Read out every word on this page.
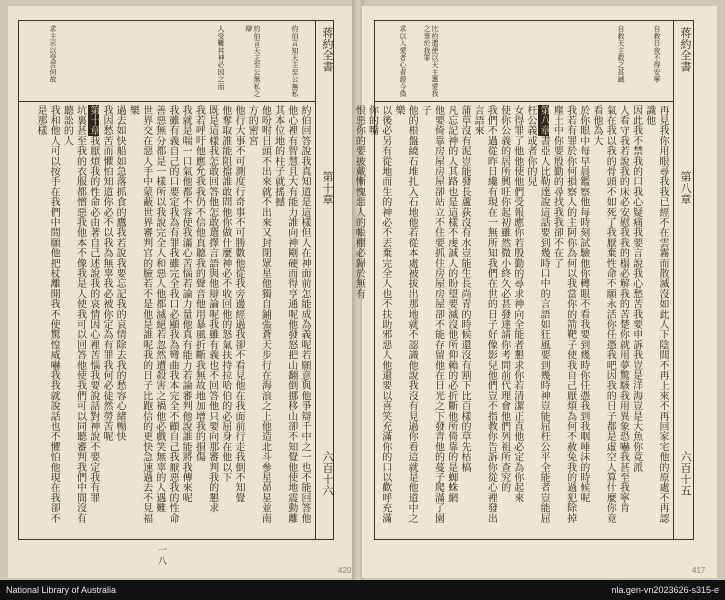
蒋約全書
第十章
六百十六
約伯言知天主至公無私
約伯言天主至公無私之辯
人受難其神必因之而
求主示以受苦何故
約伯回答說我真知道是這樣但人在神面前怎能成為義呢若願意與他爭辯千中之一也不能回答他
他心裡有智慧且大有能力誰向神剛硬而得亨通呢他發怒把山翻倒挪移山卻不知覺他使地震動離其本位地的柱子就搖撼
他吩咐日頭不出來就不出來又封閉眾星他獨自鋪張蒼天步行在海浪之上他造北斗參星昴星並南方的密宮
他行大事不可測度行奇事不可勝數他從我旁邊經過我卻不看見他在我面前行走我倒不知覺
他奪取誰能阻擋誰敢問他你做什麼神必不收回他的怒氣扶持拉哈伯的必屈身在他以下
既是這樣我怎敢回答他怎敢選擇言語與他辯論呢我雖有義也不回答他只要向那審判我的懇求
我若呼吁他應允我我仍不信他真聽我的聲音他用暴風折斷我無故地加增我的損傷
我就是喘一口氣他都不容使我滿心苦惱若論力量他真有能力若論審判他說誰能將我傳來呢
我雖有義自己的口要定我為有罪我雖完全我口必顯我為彎曲我本完全不顧自己我厭惡我的性命
善惡無分都是一樣所以我說完全人和惡人他都滅絕若忽然遭殺害之禍他必戲笑無辜的人遇難
世界交在惡人手中蒙蔽世界審判官的臉若不是他是誰呢我的日子比跑信的更快急速過去不見福樂
過去如快船如急落抓食的鷹我若說我要忘記我的哀情除去我的愁容心緒暢快
我因愁苦而懼怕知道你必不以我為無辜我必被你定為有罪我何必徒然勞苦呢
第十章我厭煩我的性命必由著自己述說我的哀情因心裡苦惱我要說話對神說不要定我有罪
坑裏甚至我的衣服都憎惡我他本不像我是人使我可以回答他使我們可以同聽審判我們中間沒有聽訟的人
我和他人可以按手在我們中間願他把杖離開我不使驚惶威嚇我我就說話也不懼怕他現在我卻不是那樣
一八
420
蒋約全書
第八章
六百十五
自救日夜不得安寧
自救天主救之甚誠
比約遣使以天主惠愛我之辜於我罪
求以入愛者心者證今偽
再見我你用眼尋我我已經不在雲霧而散滅沒如此人下陰間不再上來不再回家宅他的原處不再認識他
因此我不禁我的口我心疑痛我要言說我心愁苦我要申訴我豈是洋海豈是大魚你竟派
人看守我若說我的床必安慰我我的榻必解我的苦楚你就用夢驚駭我用異象恐嚇我甚至我寧肯
氣在我以我的骨頭不如死了我厭棄性命不願永活你任憑我吧因我的日子都是虛空人算什麼你竟看他為大
於你眼中每早晨鑑察他每時刻試驗他你轉眼不看我要到幾時你任憑我到我咽唾沫的時候呢
我若有罪於你何損察人的主阿你為何以我當你的箭靶子使我自己厭煩為何不赦免我的過犯除掉
塵土中你要殷勤的尋找我我卻不在了
第八章書亞人比勒達說這話要到幾時口中的言語如狂風要到幾時神豈能屈枉公平全能者豈能屈枉公義或者你的兒
女得罪了他他使他們受報應你若殷勤的尋求神向全能者懇求你若清潔正直他必定為你起來
使你公義的居所興旺你起初雖然微小終久必甚發達請你考問前代理會他們列祖所查究的
我們不過從昨日纔有現在一無所知我們在世的日子好像影兒他們豈不指教你告訴你從心裡發出言語來
蒲草沒有泥豈能發長蘆荻沒有水豈能生長尚青的時候還沒有割下比百樣的草先枯槁
凡忘記神的人其路也是這樣不虔誠人的盼望要滅沒他所仰賴的必折斷他所倚靠的是蜘蛛網
他要倚靠房屋房屋卻站立不住要抓住房屋房屋卻不能存留他在日光之下發青他的蔓子爬滿了園子
他的根盤繞石堆扎入石地他若從本處被拔出那地就不認識他說我沒有見過你看這就是他道中之樂
以後必另有從地而生的神必不丟棄完全人也不扶助邪惡人他還要以喜笑充滿你的口以歡呼充滿你的嘴
恨惡你的要披戴慚愧惡人的帳棚必歸於無有
417
National Library of Australia	nla.gen-vn2023626-s315-e
